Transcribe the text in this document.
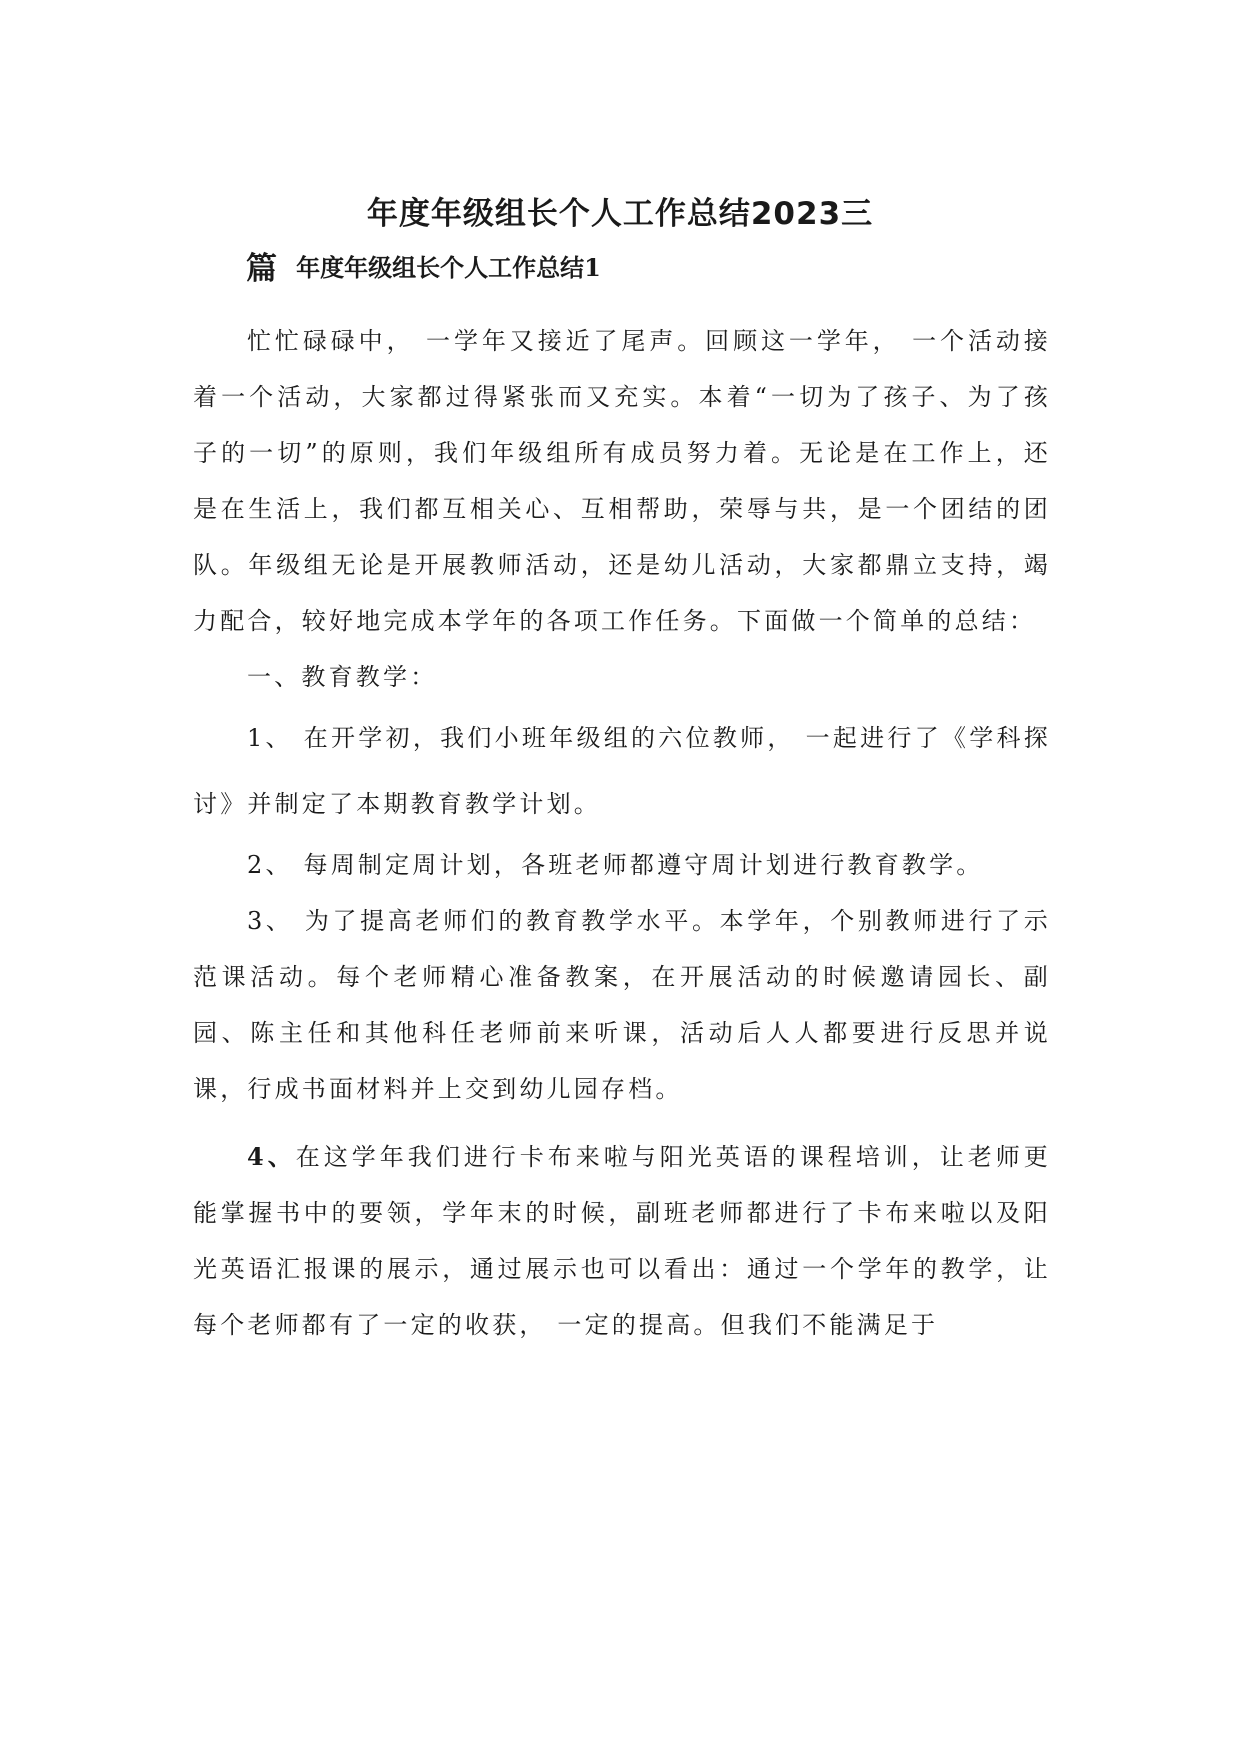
年度年级组长个人工作总结2023三
篇 年度年级组长个人工作总结1

忙忙碌碌中， 一学年又接近了尾声。回顾这一学年， 一个活动接着一个活动，大家都过得紧张而又充实。本着“一切为了孩子、为了孩子的一切”的原则，我们年级组所有成员努力着。无论是在工作上，还是在生活上，我们都互相关心、互相帮助，荣辱与共，是一个团结的团队。年级组无论是开展教师活动，还是幼儿活动，大家都鼎立支持，竭力配合，较好地完成本学年的各项工作任务。下面做一个简单的总结：

一、教育教学：

1、 在开学初，我们小班年级组的六位教师， 一起进行了《学科探讨》并制定了本期教育教学计划。

2、 每周制定周计划，各班老师都遵守周计划进行教育教学。

3、 为了提高老师们的教育教学水平。本学年，个别教师进行了示范课活动。每个老师精心准备教案，在开展活动的时候邀请园长、副园、陈主任和其他科任老师前来听课，活动后人人都要进行反思并说课，行成书面材料并上交到幼儿园存档。

4、在这学年我们进行卡布来啦与阳光英语的课程培训，让老师更能掌握书中的要领，学年末的时候，副班老师都进行了卡布来啦以及阳光英语汇报课的展示，通过展示也可以看出：通过一个学年的教学，让每个老师都有了一定的收获， 一定的提高。但我们不能满足于
